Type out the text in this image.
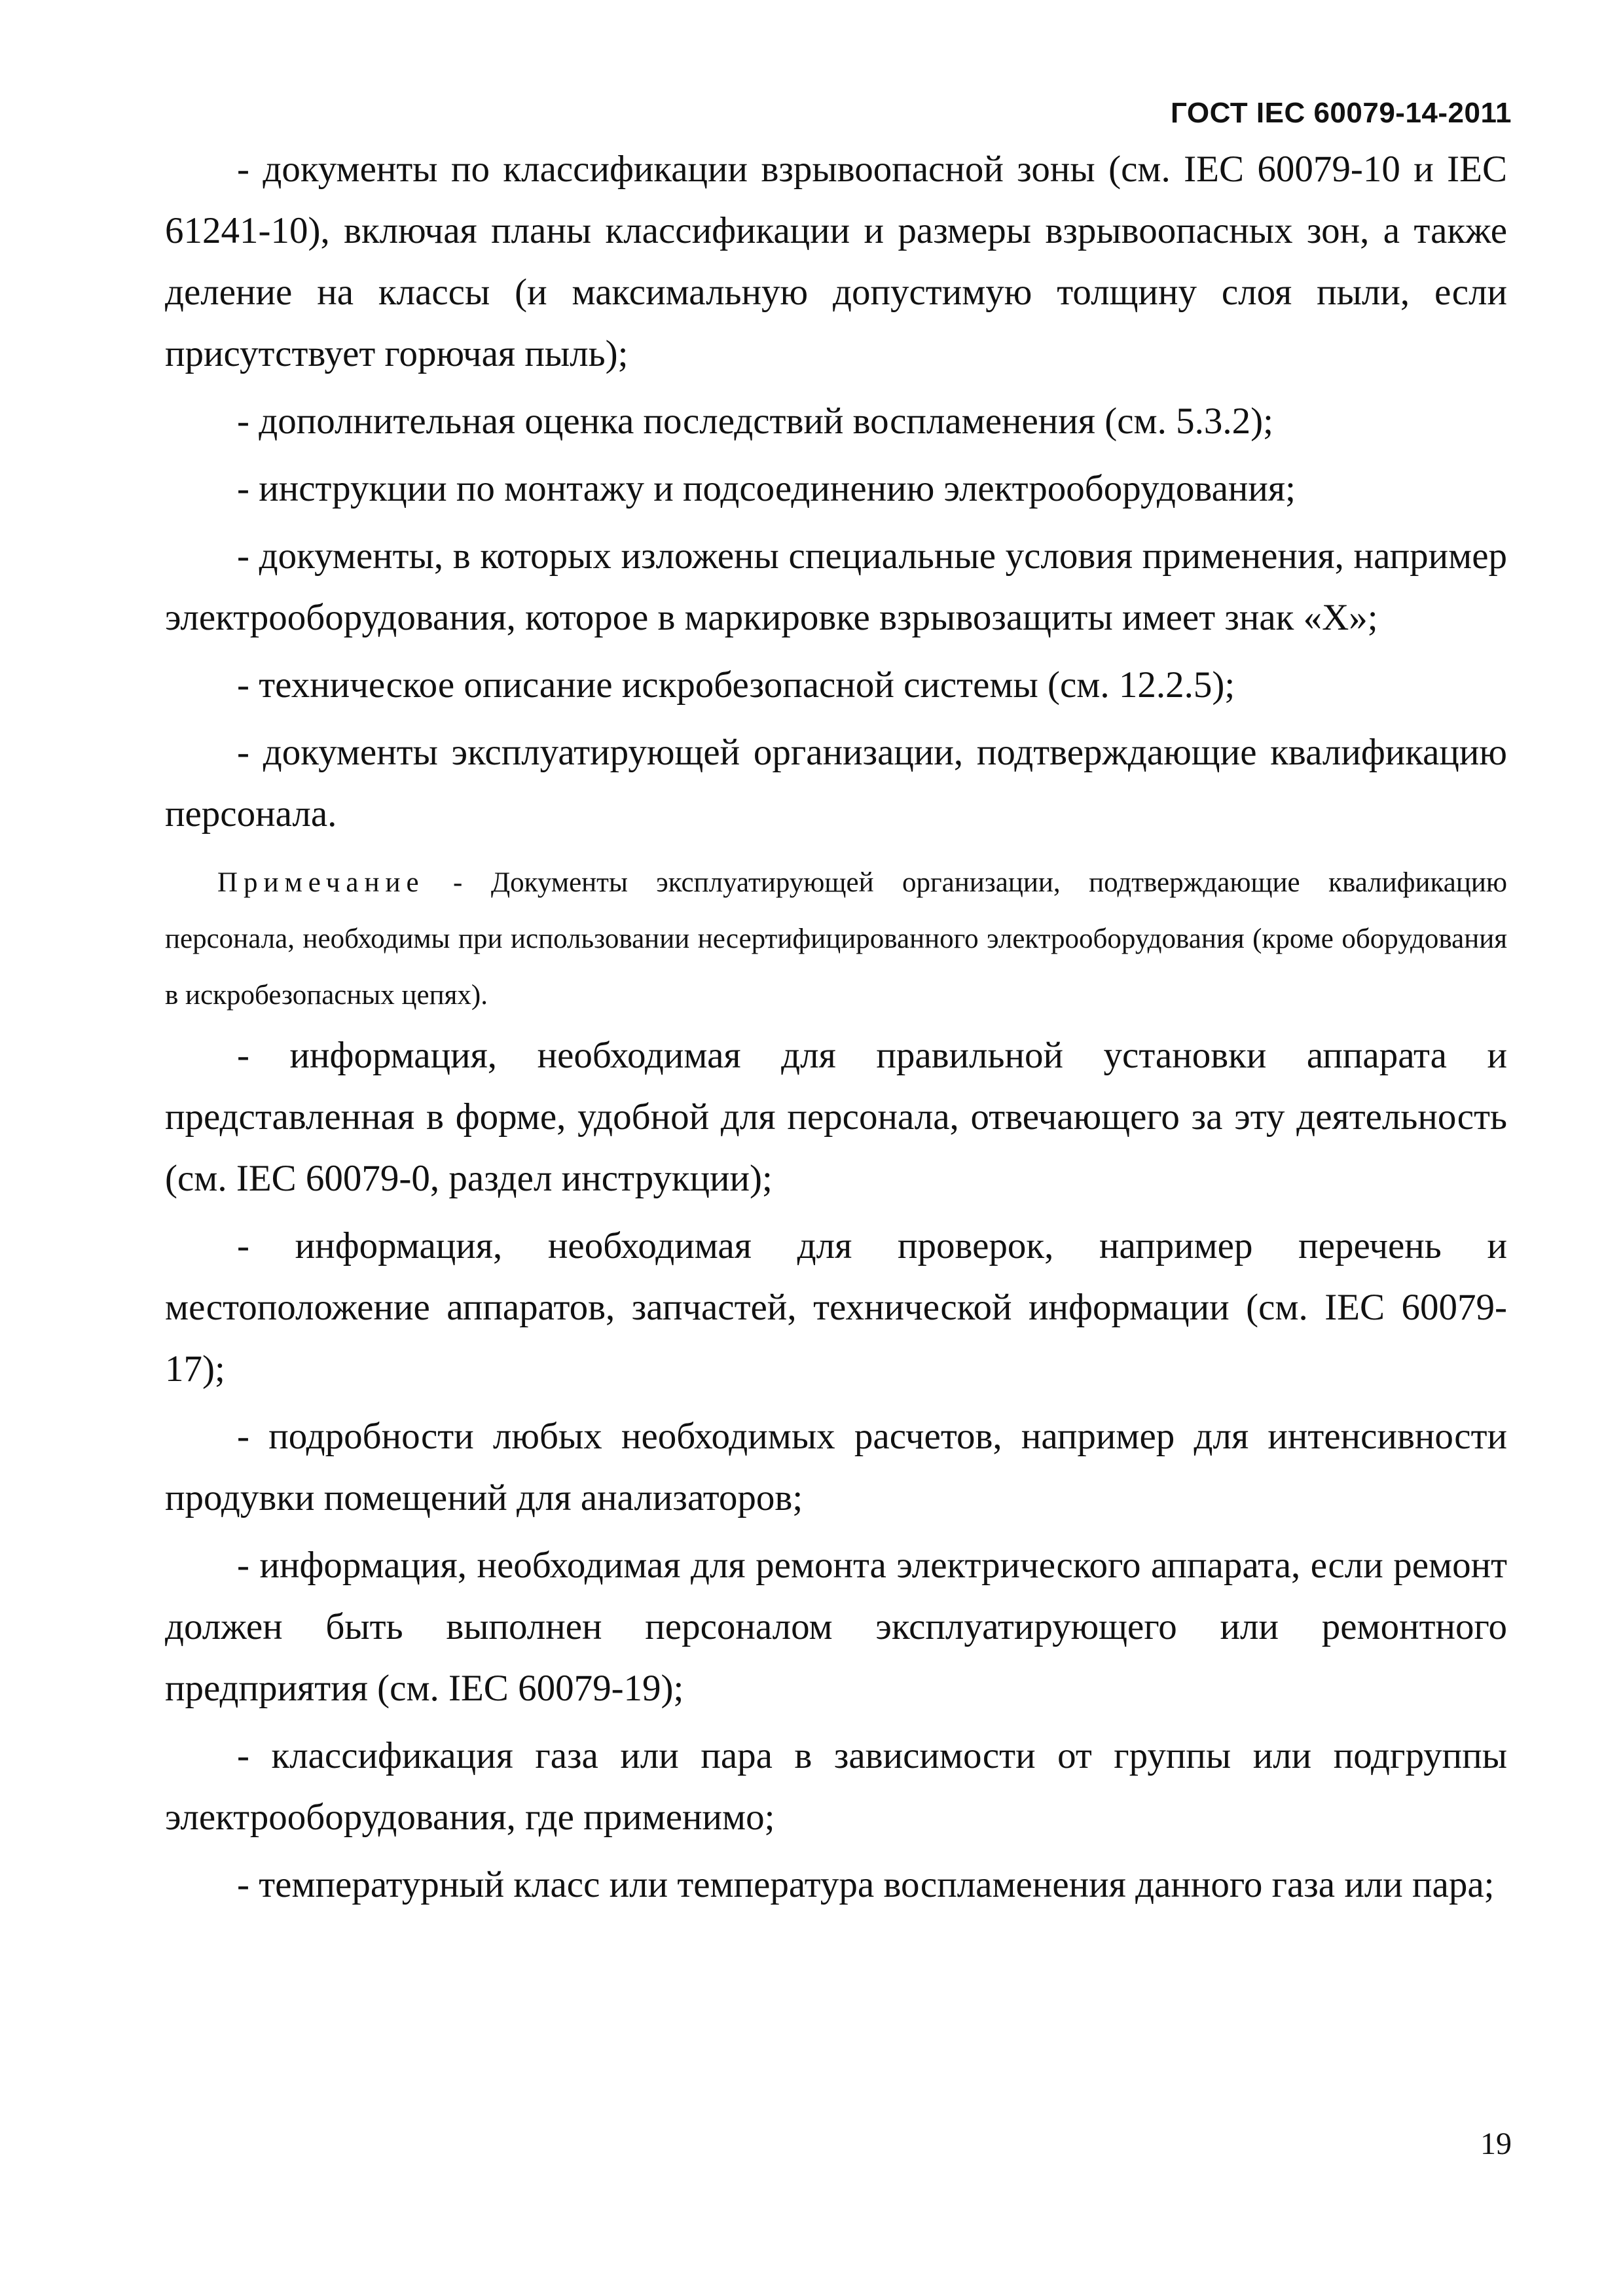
ГОСТ IEC 60079-14-2011

- документы по классификации взрывоопасной зоны (см. IEC 60079-10 и IEC 61241-10), включая планы классификации и размеры взрывоопасных зон, а также деление на классы (и максимальную допустимую толщину слоя пыли, если присутствует горючая пыль);

- дополнительная оценка последствий воспламенения (см. 5.3.2);

- инструкции по монтажу и подсоединению электрооборудования;

- документы, в которых изложены специальные условия применения, например электрооборудования, которое в маркировке взрывозащиты имеет знак «X»;

- техническое описание искробезопасной системы (см. 12.2.5);

- документы эксплуатирующей организации, подтверждающие квалификацию персонала.

Примечание - Документы эксплуатирующей организации, подтверждающие квалификацию персонала, необходимы при использовании несертифицированного электрооборудования (кроме оборудования в искробезопасных цепях).

- информация, необходимая для правильной установки аппарата и представленная в форме, удобной для персонала, отвечающего за эту деятельность (см. IEC 60079-0, раздел инструкции);

- информация, необходимая для проверок, например перечень и местоположение аппаратов, запчастей, технической информации (см. IEC 60079-17);

- подробности любых необходимых расчетов, например для интенсивности продувки помещений для анализаторов;

- информация, необходимая для ремонта электрического аппарата, если ремонт должен быть выполнен персоналом эксплуатирующего или ремонтного предприятия (см. IEC 60079-19);

- классификация газа или пара в зависимости от группы или подгруппы электрооборудования, где применимо;

- температурный класс или температура воспламенения данного газа или пара;

19
